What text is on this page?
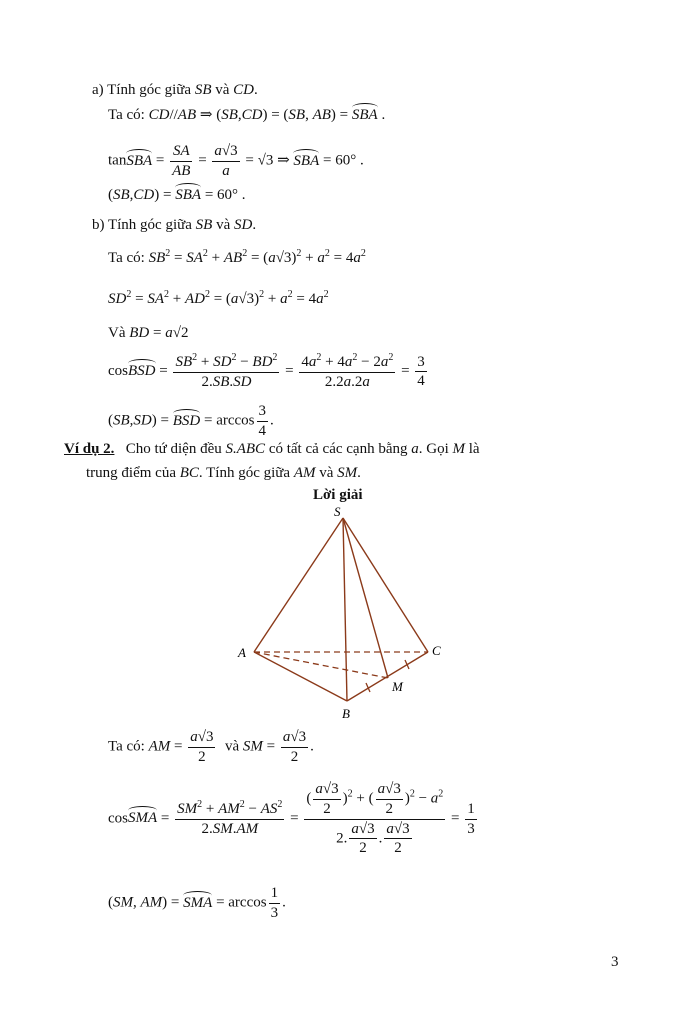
a) Tính góc giữa SB và CD.
Ta có: CD//AB ⇒ (SB,CD) = (SB, AB) = SBA .
tanSBA = $\frac{SA}{AB} = \frac{a√3}{a} = √3$ ⇒ SBA = 60° .
(SB,CD) = SBA = 60° .
b) Tính góc giữa SB và SD.
Ta có: $SB^2 = SA^2 + AB^2 = (a√3)^2 + a^2 = 4a^2$
$SD^2 = SA^2 + AD^2 = (a√3)^2 + a^2 = 4a^2$
Và BD = a√2
cosBSD = $\frac{SB^2 + SD^2 - BD^2}{2.SB.SD} = \frac{4a^2 + 4a^2 - 2a^2}{2.2a.2a} = \frac{3}{4}$
(SB,SD) = BSD = $\arccos \frac{3}{4}$ .
Ví dụ 2.   Cho tứ diện đều S.ABC có tất cả các cạnh bằng a. Gọi M là
trung điểm của BC. Tính góc giữa AM và SM.
Lời giải
S
A
B
C
M
Ta có: AM = $\frac{a√3}{2}$ và SM = $\frac{a√3}{2}$ .
cosSMA = $\frac{SM^2 + AM^2 - AS^2}{2.SM.AM} = \frac{( \frac{a√3}{2} )^2 + ( \frac{a√3}{2} )^2 - a^2}{2. \frac{a√3}{2} . \frac{a√3}{2}} = \frac{1}{3}$
(SM, AM) = SMA = $\arccos \frac{1}{3}$ .
3
